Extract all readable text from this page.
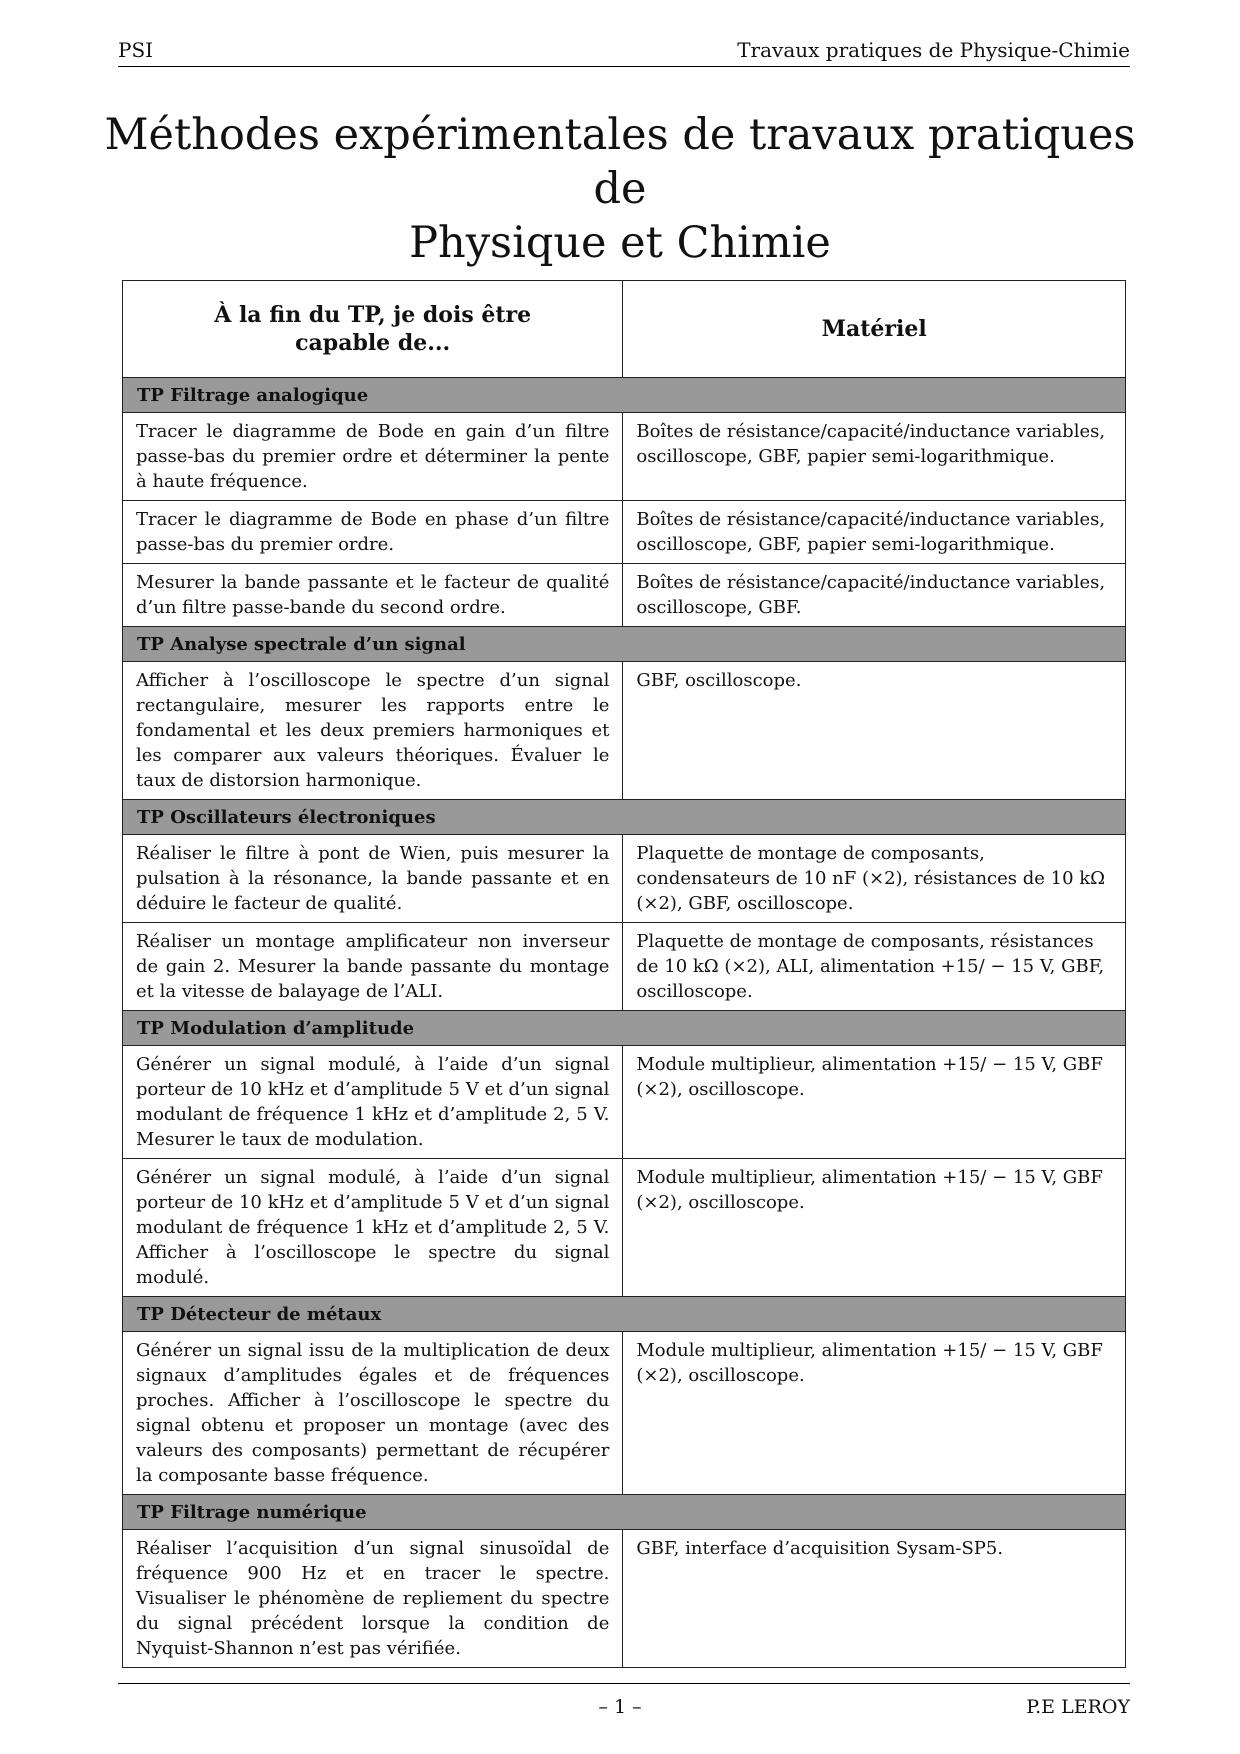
PSI	Travaux pratiques de Physique-Chimie
Méthodes expérimentales de travaux pratiques de
Physique et Chimie
À la fin du TP, je dois être capable de...	Matériel
TP Filtrage analogique	
Tracer le diagramme de Bode en gain d’un filtre passe-bas du premier ordre et déterminer la pente à haute fréquence.	Boîtes de résistance/capacité/inductance variables, oscilloscope, GBF, papier semi-logarithmique.
Tracer le diagramme de Bode en phase d’un filtre passe-bas du premier ordre.	Boîtes de résistance/capacité/inductance variables, oscilloscope, GBF, papier semi-logarithmique.
Mesurer la bande passante et le facteur de qualité d’un filtre passe-bande du second ordre.	Boîtes de résistance/capacité/inductance variables, oscilloscope, GBF.
TP Analyse spectrale d’un signal	
Afficher à l’oscilloscope le spectre d’un signal rectangulaire, mesurer les rapports entre le fondamental et les deux premiers harmoniques et les comparer aux valeurs théoriques. Évaluer le taux de distorsion harmonique.	GBF, oscilloscope.
TP Oscillateurs électroniques	
Réaliser le filtre à pont de Wien, puis mesurer la pulsation à la résonance, la bande passante et en déduire le facteur de qualité.	Plaquette de montage de composants, condensateurs de 10 nF (×2), résistances de 10 kΩ (×2), GBF, oscilloscope.
Réaliser un montage amplificateur non inverseur de gain 2. Mesurer la bande passante du montage et la vitesse de balayage de l’ALI.	Plaquette de montage de composants, résistances de 10 kΩ (×2), ALI, alimentation +15/ − 15 V, GBF, oscilloscope.
TP Modulation d’amplitude	
Générer un signal modulé, à l’aide d’un signal porteur de 10 kHz et d’amplitude 5 V et d’un signal modulant de fréquence 1 kHz et d’amplitude 2, 5 V. Mesurer le taux de modulation.	Module multiplieur, alimentation +15/ − 15 V, GBF (×2), oscilloscope.
Générer un signal modulé, à l’aide d’un signal porteur de 10 kHz et d’amplitude 5 V et d’un signal modulant de fréquence 1 kHz et d’amplitude 2, 5 V. Afficher à l’oscilloscope le spectre du signal modulé.	Module multiplieur, alimentation +15/ − 15 V, GBF (×2), oscilloscope.
TP Détecteur de métaux	
Générer un signal issu de la multiplication de deux signaux d’amplitudes égales et de fréquences proches. Afficher à l’oscilloscope le spectre du signal obtenu et proposer un montage (avec des valeurs des composants) permettant de récupérer la composante basse fréquence.	Module multiplieur, alimentation +15/ − 15 V, GBF (×2), oscilloscope.
TP Filtrage numérique	
Réaliser l’acquisition d’un signal sinusoïdal de fréquence 900 Hz et en tracer le spectre. Visualiser le phénomène de repliement du spectre du signal précédent lorsque la condition de Nyquist-Shannon n’est pas vérifiée.	GBF, interface d’acquisition Sysam-SP5.
– 1 –	P.E LEROY
